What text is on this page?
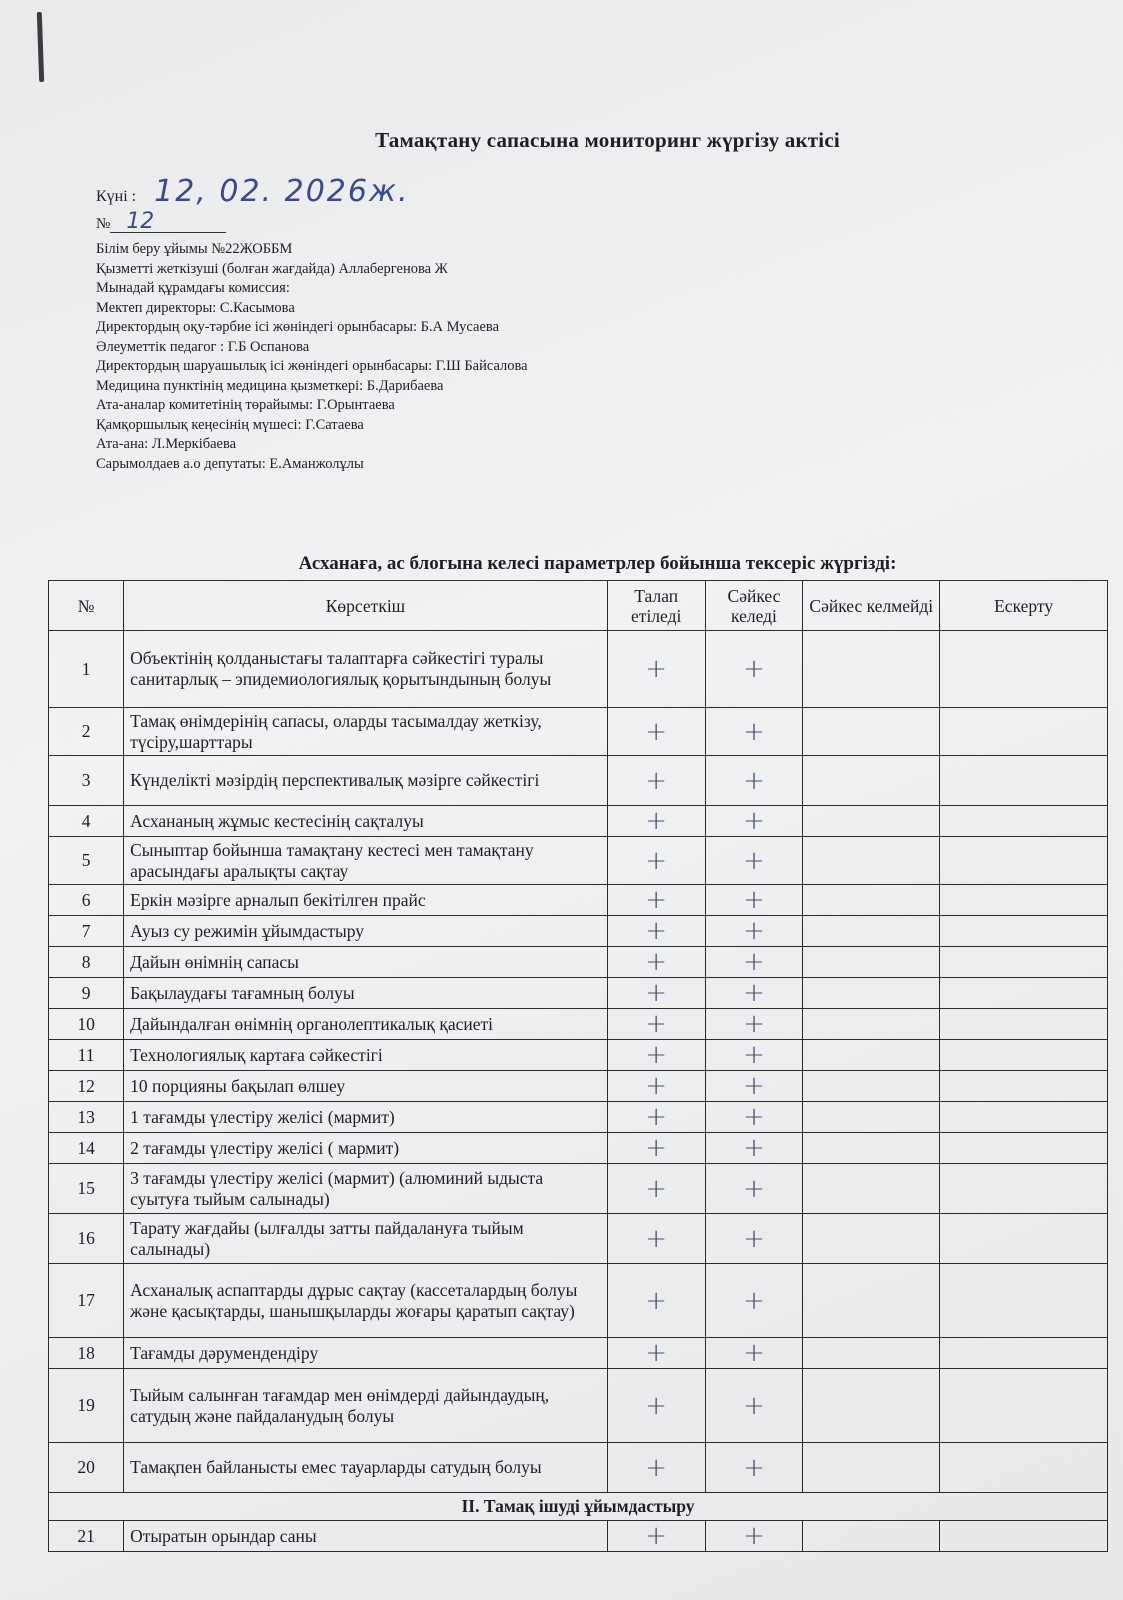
Тамақтану сапасына мониторинг жүргізу актісі
Күні : 12, 02. 2026ж.
№ 12
Білім беру ұйымы №22ЖОББМ
Қызметті жеткізуші (болған жағдайда) Аллабергенова Ж
Мынадай құрамдағы комиссия:
Мектеп директоры: С.Касымова
Директордың оқу-тәрбие ісі жөніндегі орынбасары: Б.А Мусаева
Әлеуметтік педагог : Г.Б Оспанова
Директордың шаруашылық ісі жөніндегі орынбасары: Г.Ш Байсалова
Медицина пунктінің медицина қызметкері: Б.Дарибаева
Ата-аналар комитетінің төрайымы: Г.Орынтаева
Қамқоршылық кеңесінің мүшесі: Г.Сатаева
Ата-ана: Л.Меркібаева
Сарымолдаев а.о депутаты: Е.Аманжолұлы
Асханаға, ас блогына келесі параметрлер бойынша тексеріс жүргізді:
№	Көрсеткіш	Талап етіледі	Сәйкес келеді	Сәйкес келмейді	Ескерту
1	Объектінің қолданыстағы талаптарға сәйкестігі туралы санитарлық – эпидемиологиялық қорытындының болуы	+	+		
2	Тамақ өнімдерінің сапасы, оларды тасымалдау жеткізу, түсіру,шарттары	+	+		
3	Күнделікті мәзірдің перспективалық мәзірге сәйкестігі	+	+		
4	Асхананың жұмыс кестесінің сақталуы	+	+		
5	Сыныптар бойынша тамақтану кестесі мен тамақтану арасындағы аралықты сақтау	+	+		
6	Еркін мәзірге арналып бекітілген прайс	+	+		
7	Ауыз су режимін ұйымдастыру	+	+		
8	Дайын өнімнің сапасы	+	+		
9	Бақылаудағы тағамның болуы	+	+		
10	Дайындалған өнімнің органолептикалық қасиеті	+	+		
11	Технологиялық картаға сәйкестігі	+	+		
12	10 порцияны бақылап өлшеу	+	+		
13	1 тағамды үлестіру желісі (мармит)	+	+		
14	2 тағамды үлестіру желісі ( мармит)	+	+		
15	3 тағамды үлестіру желісі (мармит) (алюминий ыдыста суытуға тыйым салынады)	+	+		
16	Тарату жағдайы (ылғалды затты пайдалануға тыйым салынады)	+	+		
17	Асханалық аспаптарды дұрыс сақтау (кассеталардың болуы және қасықтарды, шанышқыларды жоғары қаратып сақтау)	+	+		
18	Тағамды дәрумендендіру	+	+		
19	Тыйым салынған тағамдар мен өнімдерді дайындаудың, сатудың және пайдаланудың болуы	+	+		
20	Тамақпен байланысты емес тауарларды сатудың болуы	+	+		
ІІ. Тамақ ішуді ұйымдастыру					
21	Отыратын орындар саны	+	+		
